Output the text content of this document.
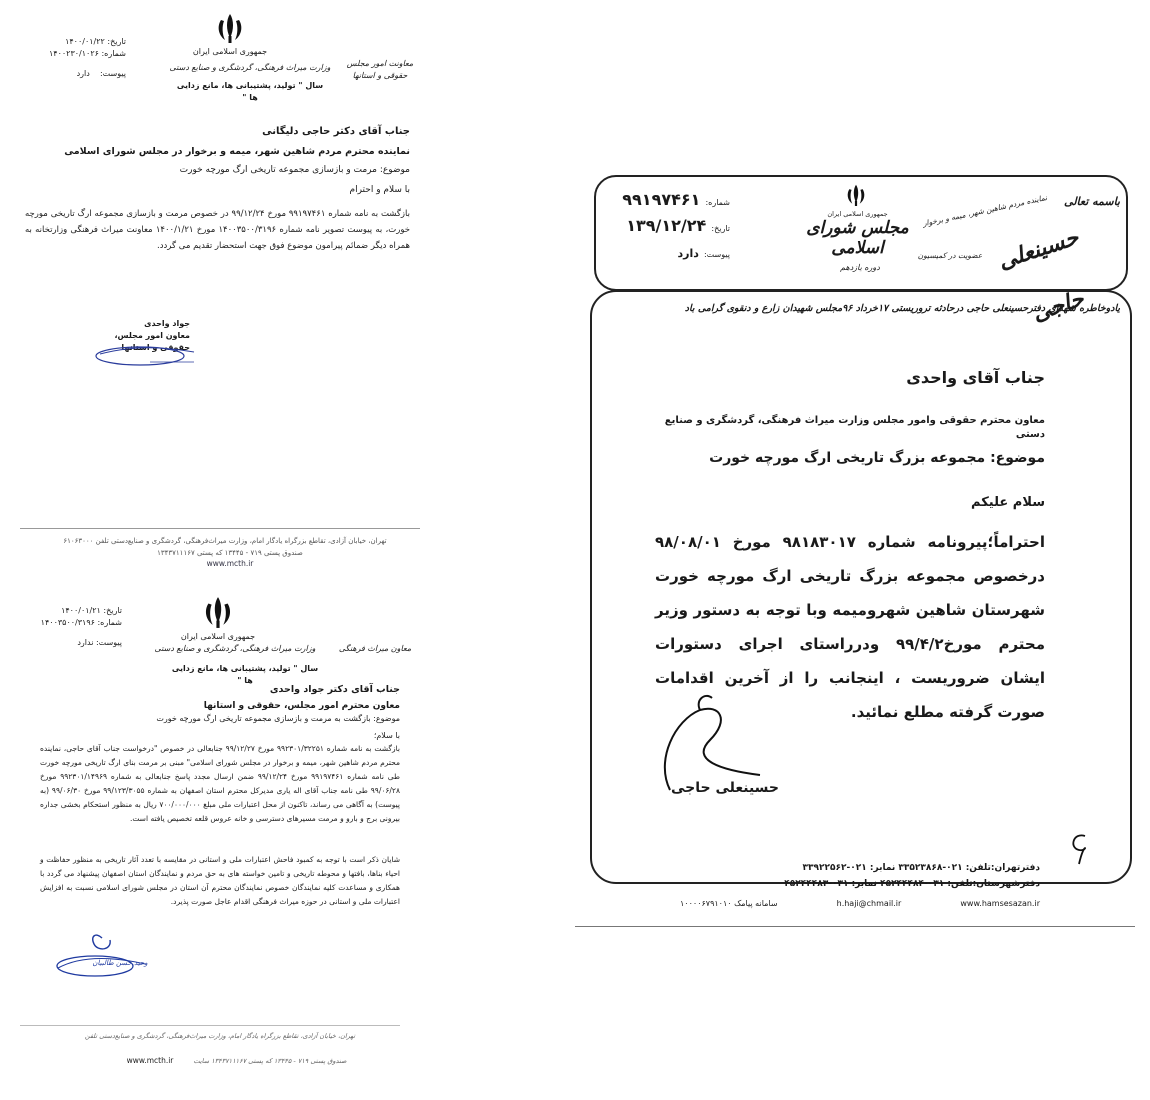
جمهوری اسلامی ایران
وزارت میراث فرهنگی، گردشگری و صنایع دستی
سال " تولید، پشتیبانی ها، مانع زدایی ها "
معاونت امور مجلس
حقوقی و استانها
تاریخ: ۱۴۰۰/۰۱/۲۲
شماره: ۱۴۰۰۲۳۰/۱۰۲۶
پیوست:    دارد
جناب آقای دکتر حاجی دلیگانی
نماینده محترم مردم شاهین شهر، میمه و برخوار در مجلس شورای اسلامی
موضوع: مرمت و بازسازی مجموعه تاریخی ارگ مورچه خورت
با سلام و احترام
بازگشت به نامه شماره ۹۹۱۹۷۴۶۱ مورخ ۹۹/۱۲/۲۴ در خصوص مرمت و بازسازی مجموعه ارگ تاریخی مورچه خورت، به پیوست تصویر نامه شماره ۱۴۰۰۳۵۰۰/۳۱۹۶ مورخ ۱۴۰۰/۱/۲۱ معاونت میراث فرهنگی وزارتخانه به همراه دیگر ضمائم پیرامون موضوع فوق جهت استحضار تقدیم می گردد.
جواد واحدی
معاون امور مجلس،
حقوقی و استانها
تهران، خیابان آزادی، تقاطع بزرگراه یادگار امام، وزارت میراث‌فرهنگی، گردشگری و صنایع‌دستی تلفن ۶۱۰۶۳۰۰۰
صندوق پستی ۷۱۹ - ۱۳۴۴۵ که پستی ۱۳۴۳۷۱۱۱۶۷
www.mcth.ir
جمهوری اسلامی ایران
وزارت میراث فرهنگی، گردشگری و صنایع دستی
سال " تولید، پشتیبانی ها، مانع زدایی ها "
معاون میراث فرهنگی
تاریخ: ۱۴۰۰/۰۱/۲۱
شماره: ۱۴۰۰۳۵۰۰/۳۱۹۶
پیوست: ندارد
جناب آقای دکتر جواد واحدی
معاون محترم امور مجلس، حقوقی و استانها
موضوع: بازگشت به مرمت و بازسازی مجموعه تاریخی ارگ مورچه خورت
با سلام؛
بازگشت به نامه شماره ۹۹۲۳۰۱/۳۲۲۵۱ مورخ ۹۹/۱۲/۲۷ جنابعالی در خصوص "درخواست جناب آقای حاجی، نماینده محترم مردم شاهین شهر، میمه و برخوار در مجلس شورای اسلامی" مبنی بر مرمت بنای ارگ تاریخی مورچه خورت طی نامه شماره ۹۹۱۹۷۴۶۱ مورخ ۹۹/۱۲/۲۴ ضمن ارسال مجدد پاسخ جنابعالی به شماره ۹۹۲۳۰۱/۱۴۹۶۹ مورخ ۹۹/۰۶/۲۸ طی نامه جناب آقای اله یاری مدیرکل محترم استان اصفهان به شماره ۹۹/۱۲۳/۳۰۵۵ مورخ ۹۹/۰۶/۳۰ (به پیوست) به آگاهی می رساند، تاکنون از محل اعتبارات ملی مبلغ ۷۰۰/۰۰۰/۰۰۰ ریال به منظور استحکام بخشی جداره بیرونی برج و بارو و مرمت مسیرهای دسترسی و خانه عروس قلعه تخصیص یافته است.
شایان ذکر است با توجه به کمبود فاحش اعتبارات ملی و استانی در مقایسه با تعدد آثار تاریخی به منظور حفاظت و احیاء بناها، بافتها و محوطه تاریخی و تامین خواسته های به حق مردم و نمایندگان استان اصفهان پیشنهاد می گردد با همکاری و مساعدت کلیه نمایندگان خصوص نمایندگان محترم آن استان در مجلس شورای اسلامی نسبت به افزایش اعتبارات ملی و استانی در حوزه میراث فرهنگی اقدام عاجل صورت پذیرد.
وحید حسن طالبیان
تهران، خیابان آزادی، تقاطع بزرگراه یادگار امام، وزارت میراث‌فرهنگی، گردشگری و صنایع‌دستی تلفن
صندوق پستی ۷۱۹ - ۱۳۴۴۵ که پستی ۱۳۴۳۷۱۱۱۶۷ سایت
www.mcth.ir
باسمه تعالی
حسینعلی حاجی
نماینده مردم شاهین شهر، میمه و برخوار
عضویت در کمیسیون
جمهوری اسلامی ایران
مجلس شورای اسلامی
دوره یازدهم
شماره: ۹۹۱۹۷۴۶۱
تاریخ: ۱۳۹/۱۲/۲۴
پیوست: دارد
یادوخاطره شهدای دفترحسینعلی حاجی درحادثه تروریستی ۱۷خرداد ۹۶مجلس شهیدان زارع و دنقوی گرامی باد
جناب آقای واحدی
معاون محترم حقوقی وامور مجلس وزارت میراث فرهنگی، گردشگری و صنایع دستی
موضوع: مجموعه بزرگ تاریخی ارگ مورچه خورت
سلام علیکم
احتراماً؛پیرونامه شماره ۹۸۱۸۳۰۱۷ مورخ ۹۸/۰۸/۰۱ درخصوص مجموعه بزرگ تاریخی ارگ مورچه خورت شهرستان شاهین شهرومیمه وبا توجه به دستور وزیر محترم مورخ۹۹/۴/۲ ودرراستای اجرای دستورات ایشان ضروریست ، اینجانب را از آخرین اقدامات صورت گرفته مطلع نمائید.
حسینعلی حاجی
دفترتهران:تلفن: ۰۲۱-۳۳۵۲۳۸۶۸ نمابر: ۰۲۱-۳۳۹۲۲۵۶۲
دفترشهرستان:تلفن: ۰۳۱-۴۵۲۴۴۴۸۴ نمابر: ۰۳۱-۴۵۲۴۴۴۸۳
سامانه پیامک ۱۰۰۰۰۶۷۹۱۰۱۰	h.haji@chmail.ir	www.hamsesazan.ir
